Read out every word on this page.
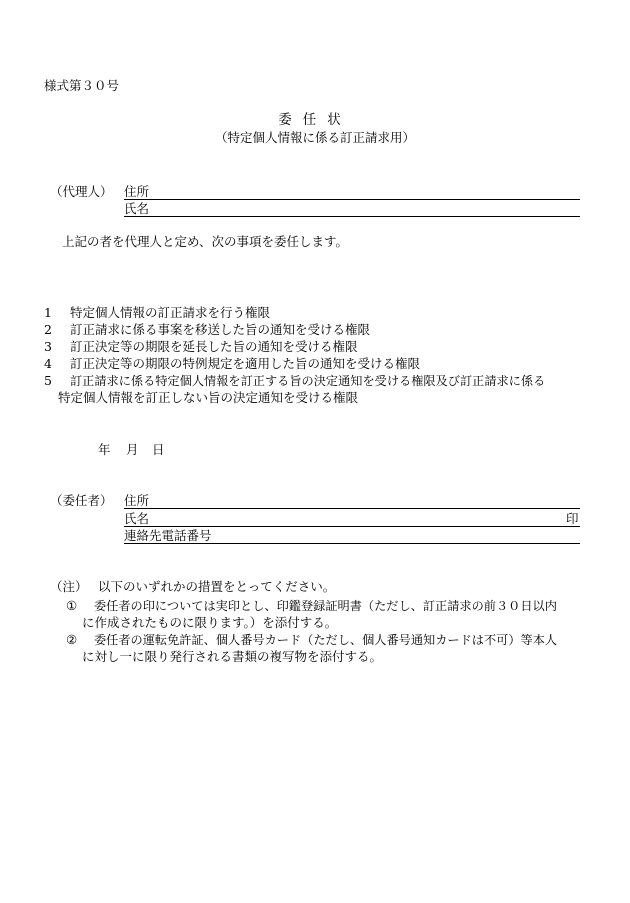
様式第３０号
委任状
（特定個人情報に係る訂正請求用）
（代理人） 住所
氏名
上記の者を代理人と定め、次の事項を委任します。
1 特定個人情報の訂正請求を行う権限
2 訂正請求に係る事案を移送した旨の通知を受ける権限
3 訂正決定等の期限を延長した旨の通知を受ける権限
4 訂正決定等の期限の特例規定を適用した旨の通知を受ける権限
5 訂正請求に係る特定個人情報を訂正する旨の決定通知を受ける権限及び訂正請求に係る
特定個人情報を訂正しない旨の決定通知を受ける権限
年 月 日
（委任者） 住所
氏名	印
連絡先電話番号
（注） 以下のいずれかの措置をとってください。
① 委任者の印については実印とし、印鑑登録証明書（ただし、訂正請求の前３０日以内
に作成されたものに限ります。）を添付する。
② 委任者の運転免許証、個人番号カード（ただし、個人番号通知カードは不可）等本人
に対し一に限り発行される書類の複写物を添付する。
